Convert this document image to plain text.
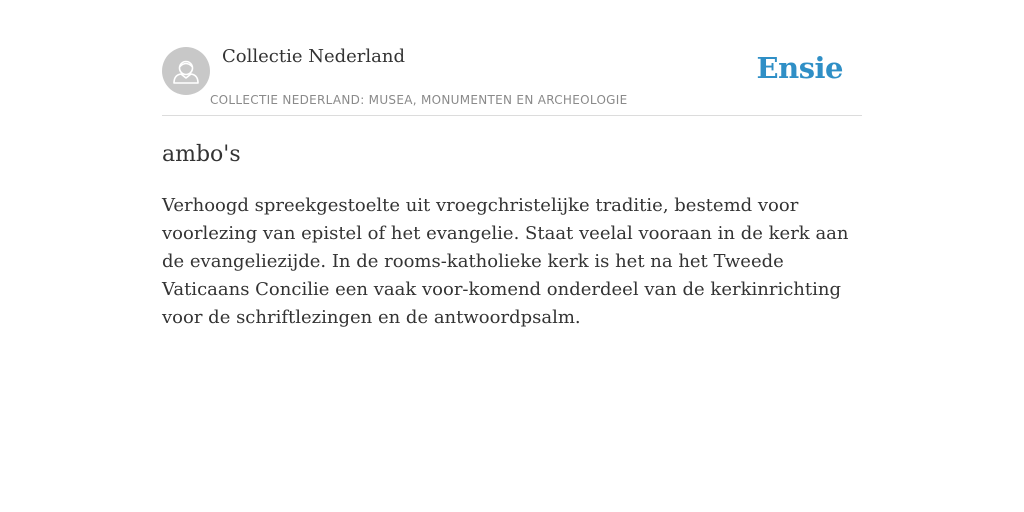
Collectie Nederland
COLLECTIE NEDERLAND: MUSEA, MONUMENTEN EN ARCHEOLOGIE
Ensie
ambo's
Verhoogd spreekgestoelte uit vroegchristelijke traditie, bestemd voor voorlezing van epistel of het evangelie. Staat veelal vooraan in de kerk aan de evangeliezijde. In de rooms-katholieke kerk is het na het Tweede Vaticaans Concilie een vaak voor-komend onderdeel van de kerkinrichting voor de schriftlezingen en de antwoordpsalm.
